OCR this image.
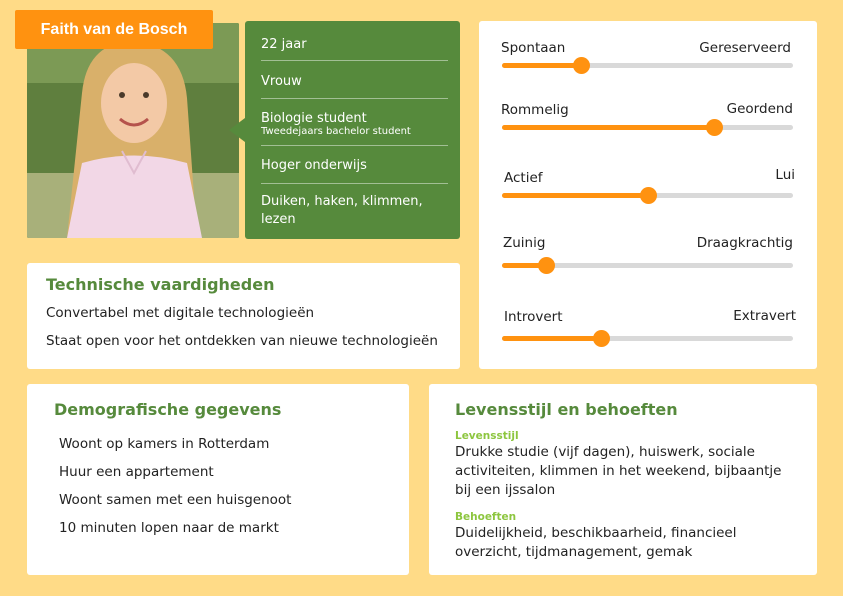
Faith van de Bosch
22 jaar
Vrouw
Biologie student
Tweedejaars bachelor student
Hoger onderwijs
Duiken, haken, klimmen, lezen
Spontaan	Gereserveerd
Rommelig	Geordend
Actief	Lui
Zuinig	Draagkrachtig
Introvert	Extravert
Technische vaardigheden
Convertabel met digitale technologieën
Staat open voor het ontdekken van nieuwe technologieën
Demografische gegevens
Woont op kamers in Rotterdam
Huur een appartement
Woont samen met een huisgenoot
10 minuten lopen naar de markt
Levensstijl en behoeften
Levensstijl
Drukke studie (vijf dagen), huiswerk, sociale activiteiten, klimmen in het weekend, bijbaantje bij een ijssalon
Behoeften
Duidelijkheid, beschikbaarheid, financieel overzicht, tijdmanagement, gemak
